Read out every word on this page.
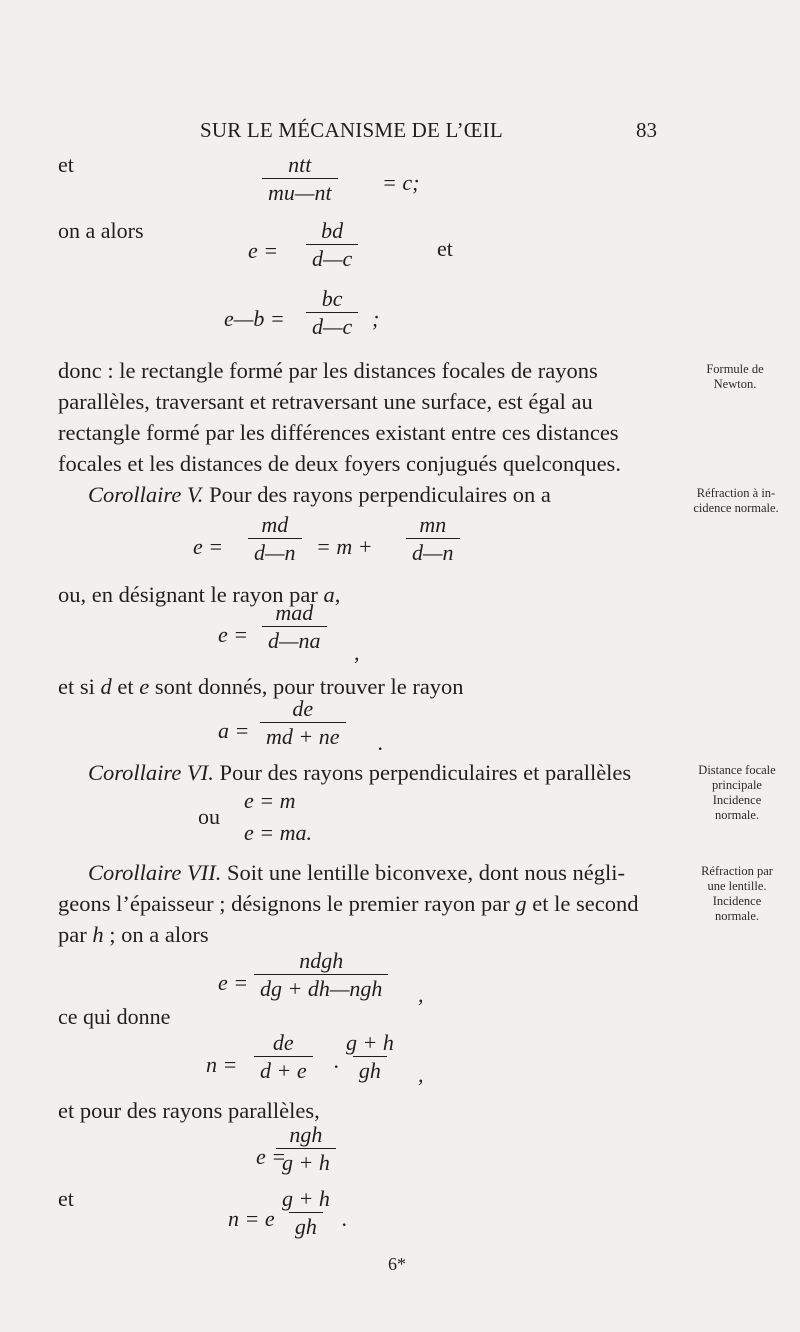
SUR LE MÉCANISME DE L’ŒIL	83
et	ntt
mu—nt = c;
on a alors
$e = \frac{bd}{d—c}$	et
e—b = $\frac{bc}{d—c}$ ;
donc : le rectangle formé par les distances focales de rayons
parallèles, traversant et retraversant une surface, est égal au
rectangle formé par les différences existant entre ces distances
focales et les distances de deux foyers conjugués quelconques.
Formule de
Newton.
Corollaire V. Pour des rayons perpendiculaires on a	Réfraction à in-
cidence normale.
$e = \frac{md}{d—n} = m + \frac{mn}{d—n}$
ou, en désignant le rayon par a,
e =
mad
d—na ,
et si d et e sont donnés, pour trouver le rayon
$a = \frac{de}{md + ne}$ .
Corollaire VI. Pour des rayons perpendiculaires et parallèles	Distance focale
principale
Incidence
normale.
e = m
ou
e = ma.
Corollaire VII. Soit une lentille biconvexe, dont nous négli-
geons l’épaisseur ; désignons le premier rayon par g et le second
par h ; on a alors
Réfraction par
une lentille.
Incidence
normale.
e =
ndgh
dg + dh—ngh ,
ce qui donne
$n = \frac{de}{d + e}$ . $\frac{g + h}{gh}$ ,
et pour des rayons parallèles,
e =
ngh
g + h
et
n = e $\frac{g + h}{gh}$ .
6*
